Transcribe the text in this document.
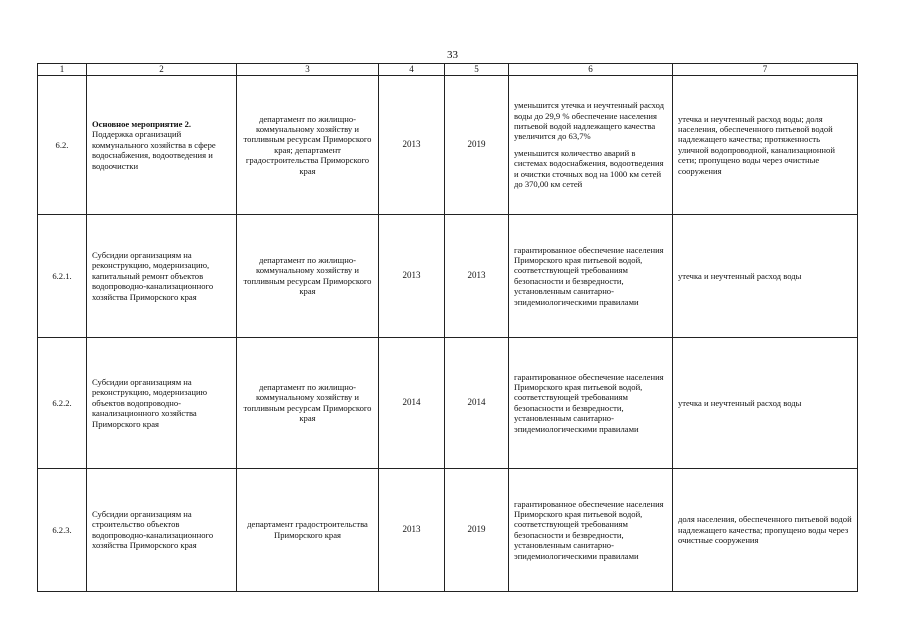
33
1	2	3	4	5	6	7
6.2.	Основное мероприятие 2.
Поддержка организаций коммунального хозяйства в сфере водоснабжения, водоотведения и водоочистки	департамент по жилищно-коммунальному хозяйству и топливным ресурсам Приморского края; департамент градостроительства Приморского края	2013	2019	уменьшится утечка и неучтенный расход воды до 29,9 % обеспечение населения питьевой водой надлежащего качества увеличится до 63,7%
уменьшится количество аварий в системах водоснабжения, водоотведения и очистки сточных вод на 1000 км сетей до 370,00 км сетей	утечка и неучтенный расход воды; доля населения, обеспеченного питьевой водой надлежащего качества; протяженность уличной водопроводной, канализационной сети; пропущено воды через очистные сооружения
6.2.1.	Субсидии организациям на реконструкцию, модернизацию, капитальный ремонт объектов водопроводно-канализационного хозяйства Приморского края	департамент по жилищно-коммунальному хозяйству и топливным ресурсам Приморского края	2013	2013	гарантированное обеспечение населения Приморского края питьевой водой, соответствующей требованиям безопасности и безвредности, установленным санитарно-эпидемиологическими правилами	утечка и неучтенный расход воды
6.2.2.	Субсидии организациям на реконструкцию, модернизацию объектов водопроводно-канализационного хозяйства Приморского края	департамент по жилищно-коммунальному хозяйству и топливным ресурсам Приморского края	2014	2014	гарантированное обеспечение населения Приморского края питьевой водой, соответствующей требованиям безопасности и безвредности, установленным санитарно-эпидемиологическими правилами	утечка и неучтенный расход воды
6.2.3.	Субсидии организациям на строительство объектов водопроводно-канализационного хозяйства Приморского края	департамент градостроительства Приморского края	2013	2019	гарантированное обеспечение населения Приморского края питьевой водой, соответствующей требованиям безопасности и безвредности, установленным санитарно-эпидемиологическими правилами	доля населения, обеспеченного питьевой водой надлежащего качества; пропущено воды через очистные сооружения
